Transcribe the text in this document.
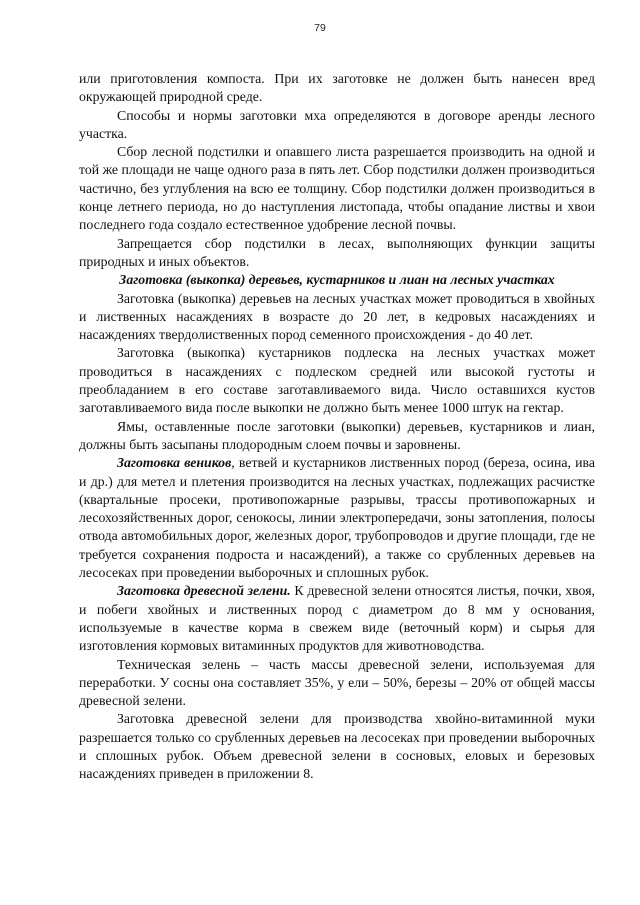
79

или приготовления компоста. При их заготовке не должен быть нанесен вред окружающей природной среде.

Способы и нормы заготовки мха определяются в договоре аренды лесного участка.

Сбор лесной подстилки и опавшего листа разрешается производить на одной и той же площади не чаще одного раза в пять лет. Сбор подстилки должен производиться частично, без углубления на всю ее толщину. Сбор подстилки должен производиться в конце летнего периода, но до наступления листопада, чтобы опадание листвы и хвои последнего года создало естественное удобрение лесной почвы.

Запрещается сбор подстилки в лесах, выполняющих функции защиты природных и иных объектов.

Заготовка (выкопка) деревьев, кустарников и лиан на лесных участках

Заготовка (выкопка) деревьев на лесных участках может проводиться в хвойных и лиственных насаждениях в возрасте до 20 лет, в кедровых насаждениях и насаждениях твердолиственных пород семенного происхождения - до 40 лет.

Заготовка (выкопка) кустарников подлеска на лесных участках может проводиться в насаждениях с подлеском средней или высокой густоты и преобладанием в его составе заготавливаемого вида. Число оставшихся кустов заготавливаемого вида после выкопки не должно быть менее 1000 штук на гектар.

Ямы, оставленные после заготовки (выкопки) деревьев, кустарников и лиан, должны быть засыпаны плодородным слоем почвы и заровнены.

Заготовка веников, ветвей и кустарников лиственных пород (береза, осина, ива и др.) для метел и плетения производится на лесных участках, подлежащих расчистке (квартальные просеки, противопожарные разрывы, трассы противопожарных и лесохозяйственных дорог, сенокосы, линии электропередачи, зоны затопления, полосы отвода автомобильных дорог, железных дорог, трубопроводов и другие площади, где не требуется сохранения подроста и насаждений), а также со срубленных деревьев на лесосеках при проведении выборочных и сплошных рубок.

Заготовка древесной зелени. К древесной зелени относятся листья, почки, хвоя, и побеги хвойных и лиственных пород с диаметром до 8 мм у основания, используемые в качестве корма в свежем виде (веточный корм) и сырья для изготовления кормовых витаминных продуктов для животноводства.

Техническая зелень – часть массы древесной зелени, используемая для переработки. У сосны она составляет 35%, у ели – 50%, березы – 20% от общей массы древесной зелени.

Заготовка древесной зелени для производства хвойно-витаминной муки разрешается только со срубленных деревьев на лесосеках при проведении выборочных и сплошных рубок. Объем древесной зелени в сосновых, еловых и березовых насаждениях приведен в приложении 8.
